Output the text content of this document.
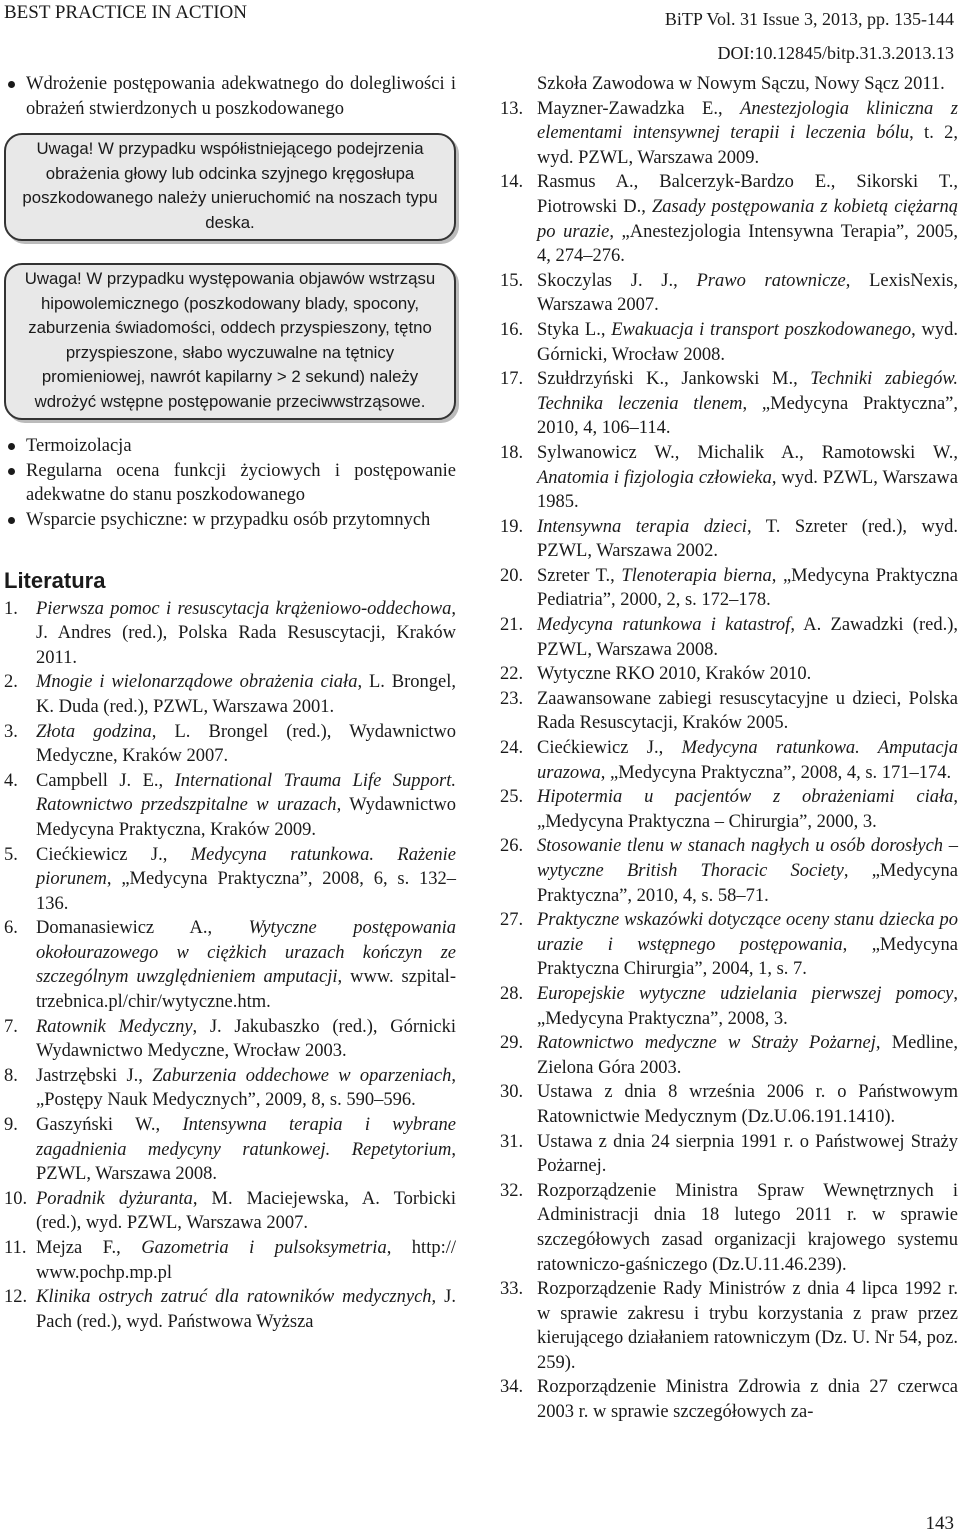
BEST PRACTICE IN ACTION	BiTP Vol. 31 Issue 3, 2013, pp. 135-144
DOI:10.12845/bitp.31.3.2013.13
Wdrożenie postępowania adekwatnego do dolegliwości i obrażeń stwierdzonych u poszkodowanego
Uwaga! W przypadku współistniejącego podejrzenia obrażenia głowy lub odcinka szyjnego kręgosłupa poszkodowanego należy unieruchomić na noszach typu deska.
Uwaga! W przypadku występowania objawów wstrząsu hipowolemicznego (poszkodowany blady, spocony, zaburzenia świadomości, oddech przyspieszony, tętno przyspieszone, słabo wyczuwalne na tętnicy promieniowej, nawrót kapilarny > 2 sekund) należy wdrożyć wstępne postępowanie przeciwwstrząsowe.
Termoizolacja
Regularna ocena funkcji życiowych i postępowanie adekwatne do stanu poszkodowanego
Wsparcie psychiczne: w przypadku osób przytomnych
Literatura
1. Pierwsza pomoc i resuscytacja krążeniowo-oddechowa, J. Andres (red.), Polska Rada Resuscytacji, Kraków 2011.
2. Mnogie i wielonarządowe obrażenia ciała, L. Brongel, K. Duda (red.), PZWL, Warszawa 2001.
3. Złota godzina, L. Brongel (red.), Wydawnictwo Medyczne, Kraków 2007.
4. Campbell J. E., International Trauma Life Support. Ratownictwo przedszpitalne w urazach, Wydawnictwo Medycyna Praktyczna, Kraków 2009.
5. Ciećkiewicz J., Medycyna ratunkowa. Rażenie piorunem, „Medycyna Praktyczna”, 2008, 6, s. 132–136.
6. Domanasiewicz A., Wytyczne postępowania okołourazowego w ciężkich urazach kończyn ze szczególnym uwzględnieniem amputacji, www. szpital-trzebnica.pl/chir/wytyczne.htm.
7. Ratownik Medyczny, J. Jakubaszko (red.), Górnicki Wydawnictwo Medyczne, Wrocław 2003.
8. Jastrzębski J., Zaburzenia oddechowe w oparzeniach, „Postępy Nauk Medycznych”, 2009, 8, s. 590–596.
9. Gaszyński W., Intensywna terapia i wybrane zagadnienia medycyny ratunkowej. Repetytorium, PZWL, Warszawa 2008.
10. Poradnik dyżuranta, M. Maciejewska, A. Torbicki (red.), wyd. PZWL, Warszawa 2007.
11. Mejza F., Gazometria i pulsoksymetria, http:// www.pochp.mp.pl
12. Klinika ostrych zatruć dla ratowników medycznych, J. Pach (red.), wyd. Państwowa Wyższa
Szkoła Zawodowa w Nowym Sączu, Nowy Sącz 2011.
13. Mayzner-Zawadzka E., Anestezjologia kliniczna z elementami intensywnej terapii i leczenia bólu, t. 2, wyd. PZWL, Warszawa 2009.
14. Rasmus A., Balcerzyk-Bardzo E., Sikorski T., Piotrowski D., Zasady postępowania z kobietą ciężarną po urazie, „Anestezjologia Intensywna Terapia”, 2005, 4, 274–276.
15. Skoczylas J. J., Prawo ratownicze, LexisNexis, Warszawa 2007.
16. Styka L., Ewakuacja i transport poszkodowanego, wyd. Górnicki, Wrocław 2008.
17. Szułdrzyński K., Jankowski M., Techniki zabiegów. Technika leczenia tlenem, „Medycyna Praktyczna”, 2010, 4, 106–114.
18. Sylwanowicz W., Michalik A., Ramotowski W., Anatomia i fizjologia człowieka, wyd. PZWL, Warszawa 1985.
19. Intensywna terapia dzieci, T. Szreter (red.), wyd. PZWL, Warszawa 2002.
20. Szreter T., Tlenoterapia bierna, „Medycyna Praktyczna Pediatria”, 2000, 2, s. 172–178.
21. Medycyna ratunkowa i katastrof, A. Zawadzki (red.), PZWL, Warszawa 2008.
22. Wytyczne RKO 2010, Kraków 2010.
23. Zaawansowane zabiegi resuscytacyjne u dzieci, Polska Rada Resuscytacji, Kraków 2005.
24. Ciećkiewicz J., Medycyna ratunkowa. Amputacja urazowa, „Medycyna Praktyczna”, 2008, 4, s. 171–174.
25. Hipotermia u pacjentów z obrażeniami ciała, „Medycyna Praktyczna – Chirurgia”, 2000, 3.
26. Stosowanie tlenu w stanach nagłych u osób dorosłych – wytyczne British Thoracic Society, „Medycyna Praktyczna”, 2010, 4, s. 58–71.
27. Praktyczne wskazówki dotyczące oceny stanu dziecka po urazie i wstępnego postępowania, „Medycyna Praktyczna Chirurgia”, 2004, 1, s. 7.
28. Europejskie wytyczne udzielania pierwszej pomocy, „Medycyna Praktyczna”, 2008, 3.
29. Ratownictwo medyczne w Straży Pożarnej, Medline, Zielona Góra 2003.
30. Ustawa z dnia 8 września 2006 r. o Państwowym Ratownictwie Medycznym (Dz.U.06.191.1410).
31. Ustawa z dnia 24 sierpnia 1991 r. o Państwowej Straży Pożarnej.
32. Rozporządzenie Ministra Spraw Wewnętrznych i Administracji dnia 18 lutego 2011 r. w sprawie szczegółowych zasad organizacji krajowego systemu ratowniczo-gaśniczego (Dz.U.11.46.239).
33. Rozporządzenie Rady Ministrów z dnia 4 lipca 1992 r. w sprawie zakresu i trybu korzystania z praw przez kierującego działaniem ratowniczym (Dz. U. Nr 54, poz. 259).
34. Rozporządzenie Ministra Zdrowia z dnia 27 czerwca 2003 r. w sprawie szczegółowych za-
143
